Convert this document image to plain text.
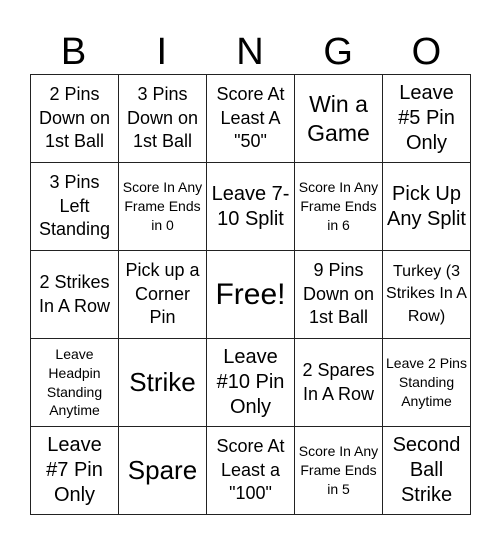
B	I	N	G	O
2 Pins Down on 1st Ball
3 Pins Down on 1st Ball
Score At Least A "50"
Win a Game
Leave #5 Pin Only
3 Pins Left Standing
Score In Any Frame Ends in 0
Leave 7-10 Split
Score In Any Frame Ends in 6
Pick Up Any Split
2 Strikes In A Row
Pick up a Corner Pin
Free!
9 Pins Down on 1st Ball
Turkey (3 Strikes In A Row)
Leave Headpin Standing Anytime
Strike
Leave #10 Pin Only
2 Spares In A Row
Leave 2 Pins Standing Anytime
Leave #7 Pin Only
Spare
Score At Least a "100"
Score In Any Frame Ends in 5
Second Ball Strike
